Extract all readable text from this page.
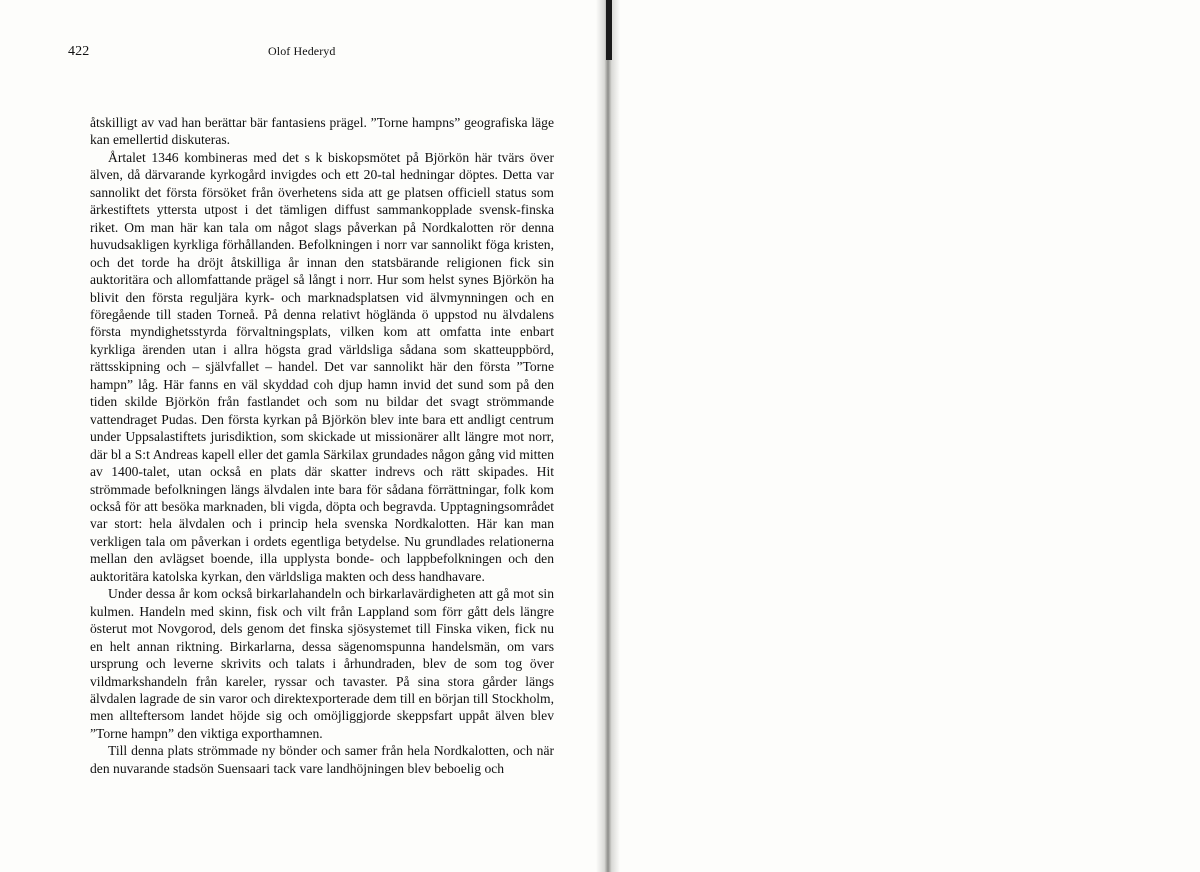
422	Olof Hederyd

åtskilligt av vad han berättar bär fantasiens prägel. ”Torne hampns” geografiska läge kan emellertid diskuteras.

Årtalet 1346 kombineras med det s k biskopsmötet på Björkön här tvärs över älven, då därvarande kyrkogård invigdes och ett 20-tal hedningar döptes. Detta var sannolikt det första försöket från överhetens sida att ge platsen officiell status som ärkestiftets yttersta utpost i det tämligen diffust sammankopplade svensk-finska riket. Om man här kan tala om något slags påverkan på Nordkalotten rör denna huvudsakligen kyrkliga förhållanden. Befolkningen i norr var sannolikt föga kristen, och det torde ha dröjt åtskilliga år innan den statsbärande religionen fick sin auktoritära och allomfattande prägel så långt i norr. Hur som helst synes Björkön ha blivit den första reguljära kyrk- och marknadsplatsen vid älvmynningen och en föregående till staden Torneå. På denna relativt högländа ö uppstod nu älvdalens första myndighetsstyrda förvaltningsplats, vilken kom att omfatta inte enbart kyrkliga ärenden utan i allra högsta grad världsliga sådana som skatteuppbörd, rättsskipning och – självfallet – handel. Det var sannolikt här den första ”Torne hampn” låg. Här fanns en väl skyddad coh djup hamn invid det sund som på den tiden skilde Björkön från fastlandet och som nu bildar det svagt strömmande vattendraget Pudas. Den första kyrkan på Björkön blev inte bara ett andligt centrum under Uppsalastiftets jurisdiktion, som skickade ut missionärer allt längre mot norr, där bl a S:t Andreas kapell eller det gamla Särkilax grundades någon gång vid mitten av 1400-talet, utan också en plats där skatter indrevs och rätt skipades. Hit strömmade befolkningen längs älvdalen inte bara för sådana förrättningar, folk kom också för att besöka marknaden, bli vigda, döpta och begravda. Upptagningsområdet var stort: hela älvdalen och i princip hela svenska Nordkalotten. Här kan man verkligen tala om påverkan i ordets egentliga betydelse. Nu grundlades relationerna mellan den avlägset boende, illa upplysta bonde- och lappbefolkningen och den auktoritära katolska kyrkan, den världsliga makten och dess handhavare.

Under dessa år kom också birkarlahandeln och birkarlavärdigheten att gå mot sin kulmen. Handeln med skinn, fisk och vilt från Lappland som förr gått dels längre österut mot Novgorod, dels genom det finska sjösystemet till Finska viken, fick nu en helt annan riktning. Birkarlarna, dessa sägenomspunna handelsmän, om vars ursprung och leverne skrivits och talats i århundraden, blev de som tog över vildmarkshandeln från kareler, ryssar och tavaster. På sina stora gårder längs älvdalen lagrade de sin varor och direktexporterade dem till en början till Stockholm, men allteftersom landet höjde sig och omöjliggjorde skeppsfart uppåt älven blev ”Torne hampn” den viktiga exporthamnen.

Till denna plats strömmade ny bönder och samer från hela Nordkalotten, och när den nuvarande stadsön Suensaari tack vare landhöjningen blev beboelig och
